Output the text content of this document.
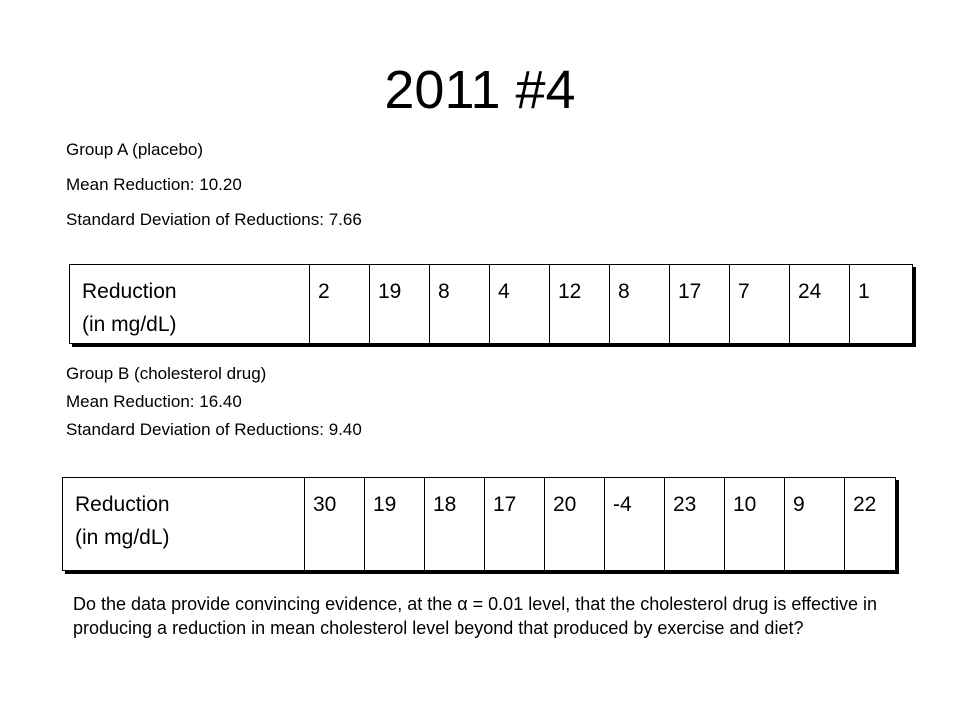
2011 #4
Group A (placebo)
Mean Reduction: 10.20
Standard Deviation of Reductions: 7.66
Reduction
(in mg/dL)
	2	19	8	4	12	8	17	7	24	1
Group B (cholesterol drug)
Mean Reduction: 16.40
Standard Deviation of Reductions: 9.40
Reduction
(in mg/dL)
	30	19	18	17	20	-4	23	10	9	22
Do the data provide convincing evidence, at the α = 0.01 level, that the cholesterol drug is effective in producing a reduction in mean cholesterol level beyond that produced by exercise and diet?
